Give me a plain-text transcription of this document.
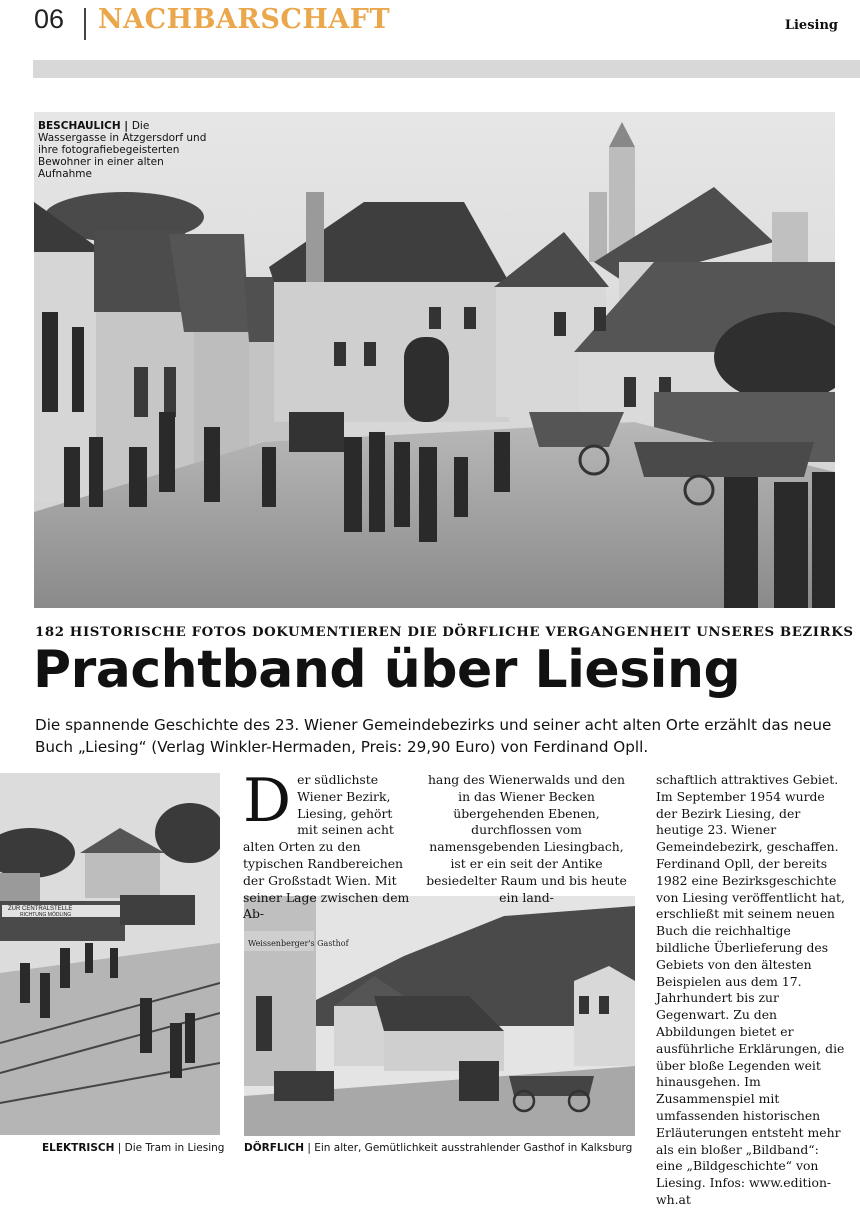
06 NACHBARSCHAFT	Liesing
BESCHAULICH | Die Wassergasse in Atzgersdorf und ihre fotografiebegeisterten Bewohner in einer alten Aufnahme
182 HISTORISCHE FOTOS DOKUMENTIEREN DIE DÖRFLICHE VERGANGENHEIT UNSERES BEZIRKS
Prachtband über Liesing
Die spannende Geschichte des 23. Wiener Gemeindebezirks und seiner acht alten Orte erzählt das neue Buch „Liesing“ (Verlag Winkler-Hermaden, Preis: 29,90 Euro) von Ferdinand Opll.
ZUR CENTRALSTELLE
RICHTUNG MÖDLING
ELEKTRISCH | Die Tram in Liesing
Weissenberger's Gasthof
DÖRFLICH | Ein alter, Gemütlichkeit ausstrahlender Gasthof in Kalksburg
Der südlichste Wiener Bezirk, Liesing, gehört mit seinen acht alten Orten zu den typischen Randbereichen der Großstadt Wien. Mit seiner Lage zwischen dem Ab-
hang des Wienerwalds und den in das Wiener Becken übergehenden Ebenen, durchflossen vom namensgebenden Liesingbach, ist er ein seit der Antike besiedelter Raum und bis heute ein land-
schaftlich attraktives Gebiet. Im September 1954 wurde der Bezirk Liesing, der heutige 23. Wiener Gemeindebezirk, geschaffen. Ferdinand Opll, der bereits 1982 eine Bezirksgeschichte von Liesing veröffentlicht hat, erschließt mit seinem neuen Buch die reichhaltige bildliche Überlieferung des Gebiets von den ältesten Beispielen aus dem 17. Jahrhundert bis zur Gegenwart. Zu den Abbildungen bietet er ausführliche Erklärungen, die über bloße Legenden weit hinausgehen. Im Zusammenspiel mit umfassenden historischen Erläuterungen entsteht mehr als ein bloßer „Bildband“: eine „Bildgeschichte“ von Liesing. Infos: www.edition-wh.at
